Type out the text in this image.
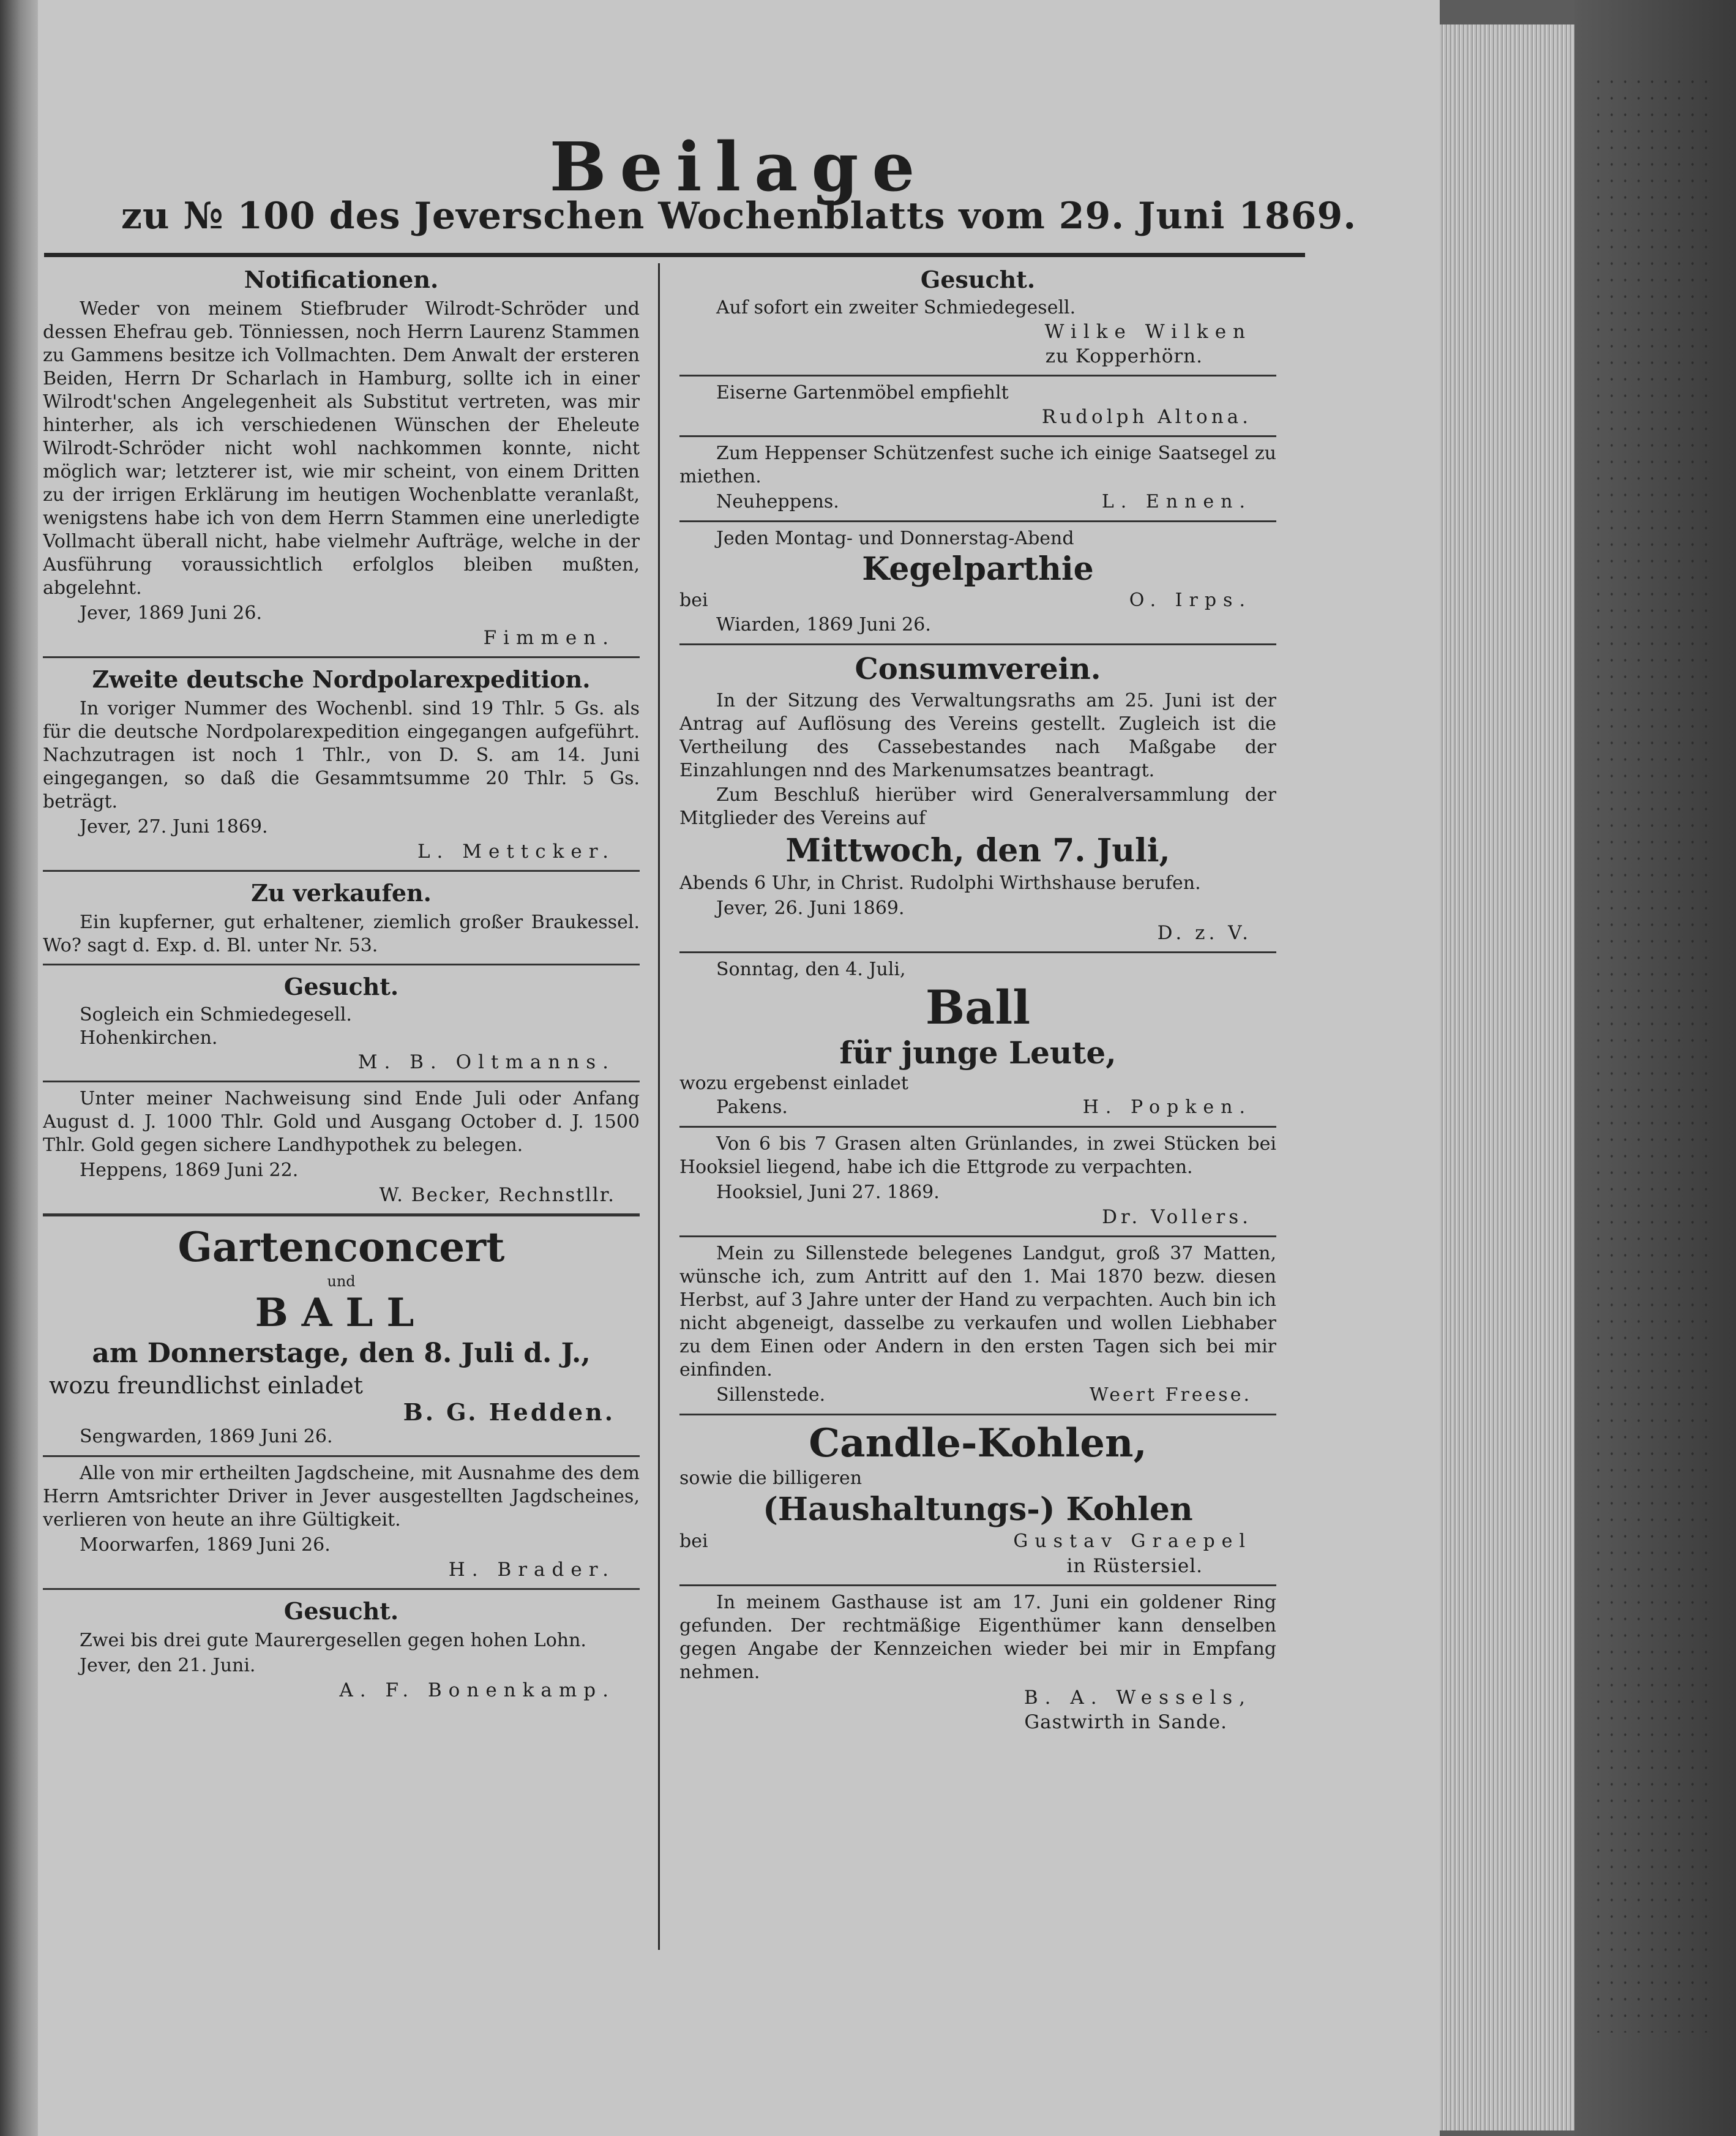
Beilage
zu № 100 des Jeverschen Wochenblatts vom 29. Juni 1869.
Notificationen.
Weder von meinem Stiefbruder Wilrodt-Schröder und dessen Ehefrau geb. Tönniessen, noch Herrn Laurenz Stammen zu Gammens besitze ich Vollmachten. Dem Anwalt der ersteren Beiden, Herrn Dr Scharlach in Hamburg, sollte ich in einer Wilrodt'schen Angelegenheit als Substitut vertreten, was mir hinterher, als ich verschiedenen Wünschen der Eheleute Wilrodt-Schröder nicht wohl nachkommen konnte, nicht möglich war; letzterer ist, wie mir scheint, von einem Dritten zu der irrigen Erklärung im heutigen Wochenblatte veranlaßt, wenigstens habe ich von dem Herrn Stammen eine unerledigte Vollmacht überall nicht, habe vielmehr Aufträge, welche in der Ausführung voraussichtlich erfolglos bleiben mußten, abgelehnt.
Jever, 1869 Juni 26.
Fimmen.
Zweite deutsche Nordpolarexpedition.
In voriger Nummer des Wochenbl. sind 19 Thlr. 5 Gs. als für die deutsche Nordpolarexpedition eingegangen aufgeführt. Nachzutragen ist noch 1 Thlr., von D. S. am 14. Juni eingegangen, so daß die Gesammtsumme 20 Thlr. 5 Gs. beträgt.
Jever, 27. Juni 1869.
L. Mettcker.
Zu verkaufen.
Ein kupferner, gut erhaltener, ziemlich großer Braukessel. Wo? sagt d. Exp. d. Bl. unter Nr. 53.
Gesucht.
Sogleich ein Schmiedegesell.
Hohenkirchen.
M. B. Oltmanns.
Unter meiner Nachweisung sind Ende Juli oder Anfang August d. J. 1000 Thlr. Gold und Ausgang October d. J. 1500 Thlr. Gold gegen sichere Landhypothek zu belegen.
Heppens, 1869 Juni 22.
W. Becker, Rechnstllr.
Gartenconcert
und
BALL
am Donnerstage, den 8. Juli d. J.,
wozu freundlichst einladet
B. G. Hedden.
Sengwarden, 1869 Juni 26.
Alle von mir ertheilten Jagdscheine, mit Ausnahme des dem Herrn Amtsrichter Driver in Jever ausgestellten Jagdscheines, verlieren von heute an ihre Gültigkeit.
Moorwarfen, 1869 Juni 26.
H. Brader.
Gesucht.
Zwei bis drei gute Maurergesellen gegen hohen Lohn.
Jever, den 21. Juni.
A. F. Bonenkamp.
Gesucht.
Auf sofort ein zweiter Schmiedegesell.
Wilke Wilken
zu Kopperhörn.
Eiserne Gartenmöbel empfiehlt
Rudolph Altona.
Zum Heppenser Schützenfest suche ich einige Saatsegel zu miethen.
Neuheppens.	L. Ennen.
Jeden Montag- und Donnerstag-Abend
Kegelparthie
bei	O. Irps.
Wiarden, 1869 Juni 26.
Consumverein.
In der Sitzung des Verwaltungsraths am 25. Juni ist der Antrag auf Auflösung des Vereins gestellt. Zugleich ist die Vertheilung des Cassebestandes nach Maßgabe der Einzahlungen nnd des Markenumsatzes beantragt.
Zum Beschluß hierüber wird Generalversammlung der Mitglieder des Vereins auf
Mittwoch, den 7. Juli,
Abends 6 Uhr, in Christ. Rudolphi Wirthshause berufen.
Jever, 26. Juni 1869.
D. z. V.
Sonntag, den 4. Juli,
Ball
für junge Leute,
wozu ergebenst einladet
Pakens.	H. Popken.
Von 6 bis 7 Grasen alten Grünlandes, in zwei Stücken bei Hooksiel liegend, habe ich die Ettgrode zu verpachten.
Hooksiel, Juni 27. 1869.
Dr. Vollers.
Mein zu Sillenstede belegenes Landgut, groß 37 Matten, wünsche ich, zum Antritt auf den 1. Mai 1870 bezw. diesen Herbst, auf 3 Jahre unter der Hand zu verpachten. Auch bin ich nicht abgeneigt, dasselbe zu verkaufen und wollen Liebhaber zu dem Einen oder Andern in den ersten Tagen sich bei mir einfinden.
Sillenstede.	Weert Freese.
Candle-Kohlen,
sowie die billigeren
(Haushaltungs-) Kohlen
bei	Gustav Graepel
in Rüstersiel.
In meinem Gasthause ist am 17. Juni ein goldener Ring gefunden. Der rechtmäßige Eigenthümer kann denselben gegen Angabe der Kennzeichen wieder bei mir in Empfang nehmen.
B. A. Wessels,
Gastwirth in Sande.
